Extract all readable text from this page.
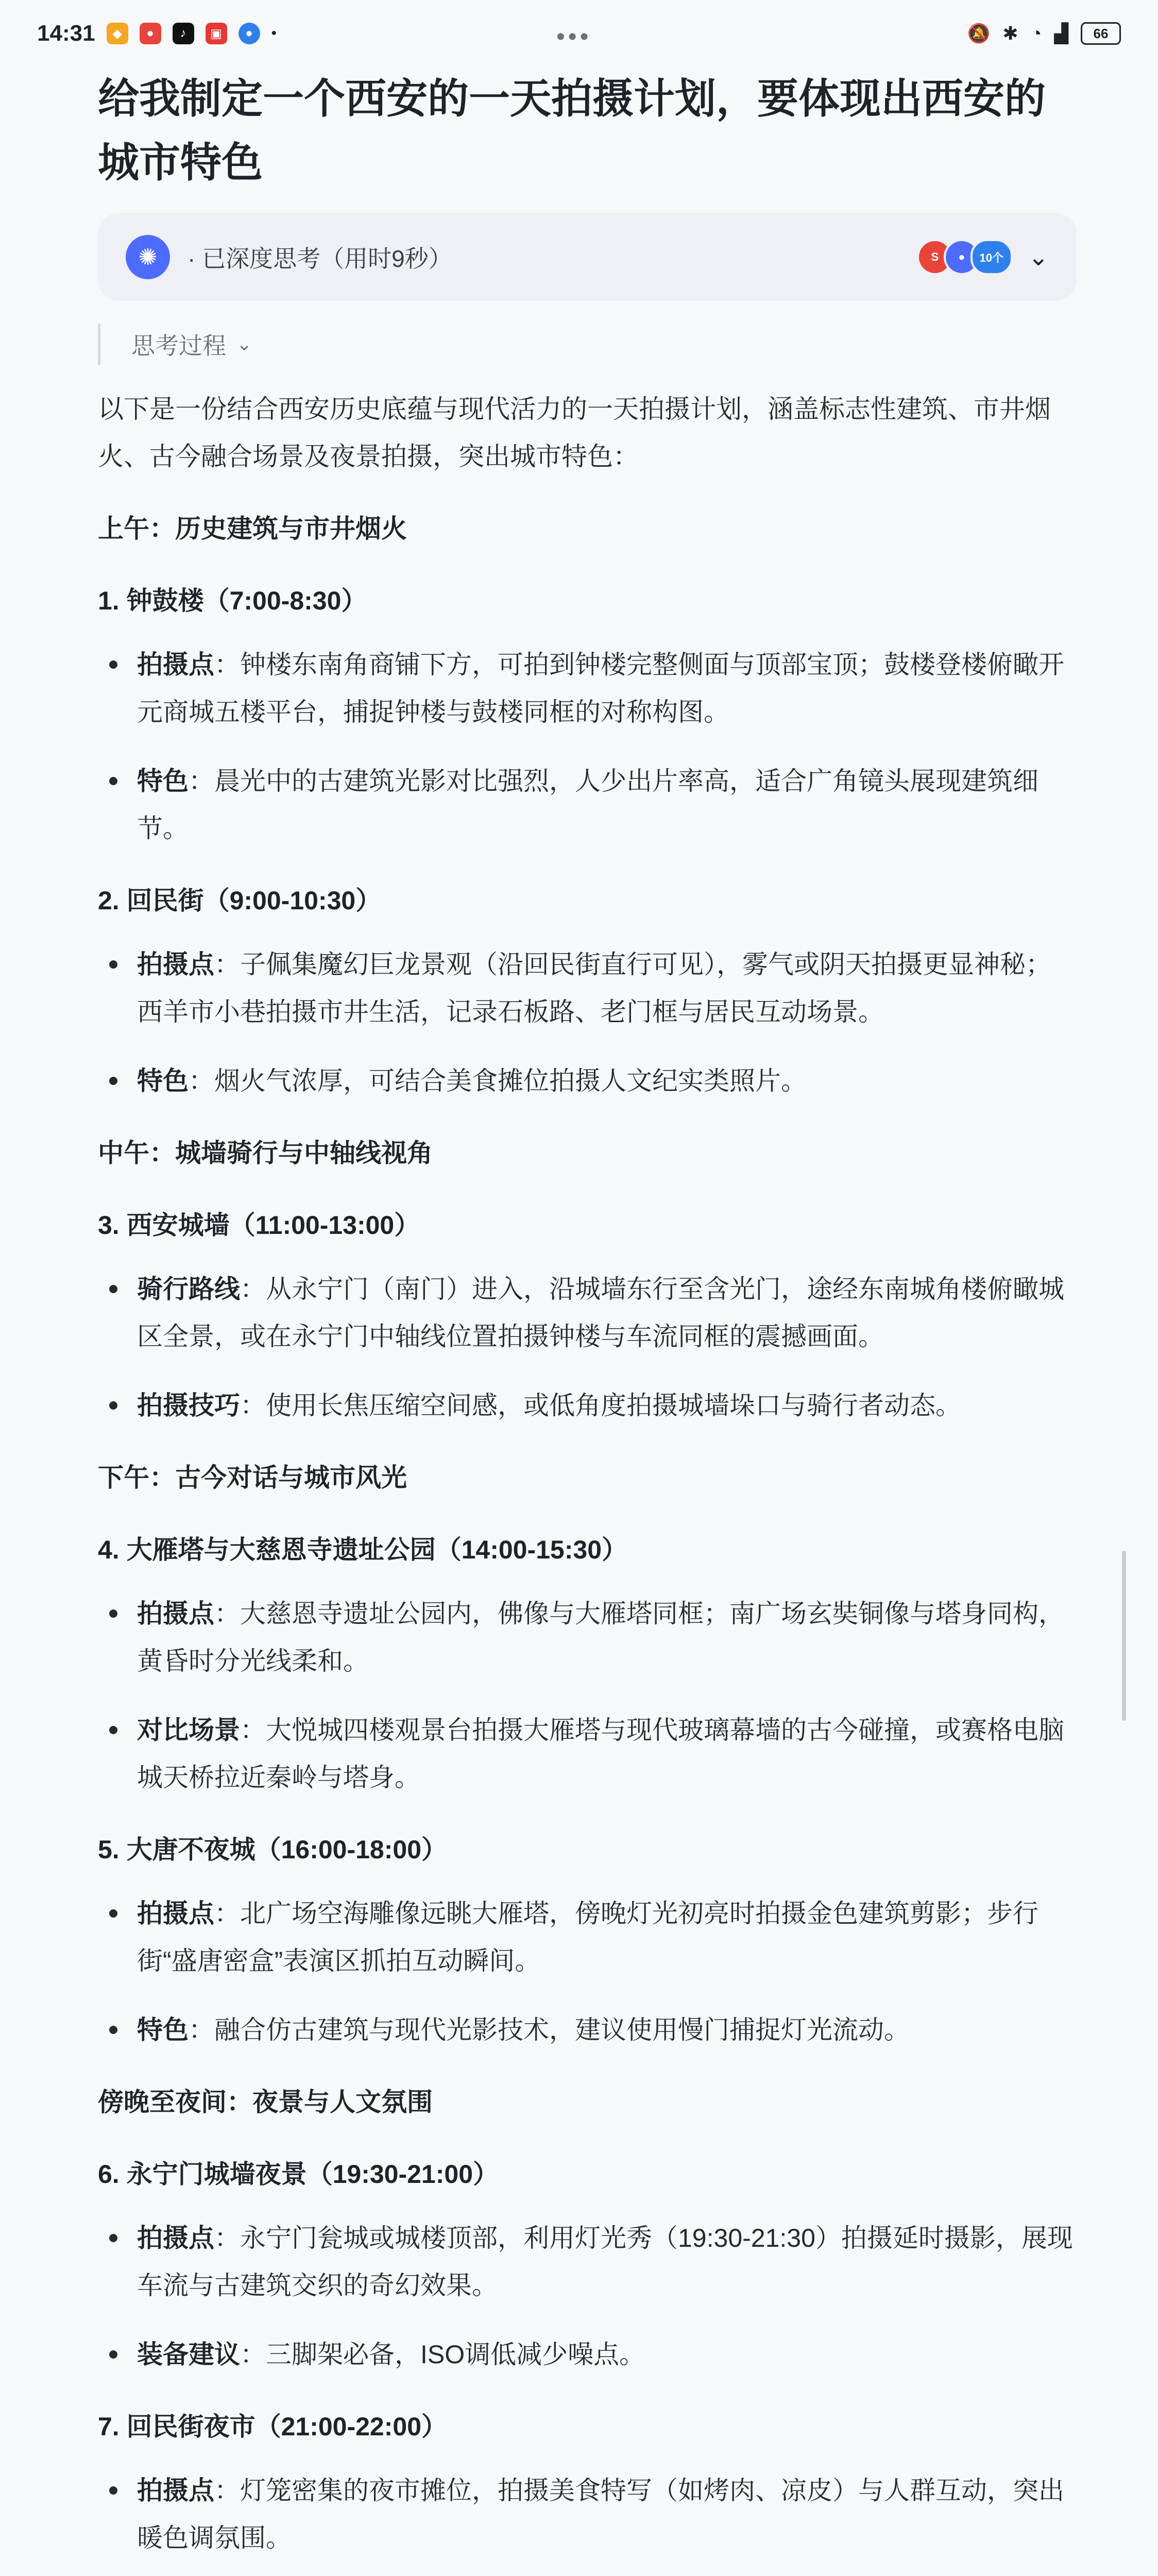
14:31	◆	●	♪	▣	●	•	🔕 ✱ ◔ ▟	66
•••
给我制定一个西安的一天拍摄计划，要体现出西安的城市特色
✺	· 已深度思考（用时9秒）	S	●	10个 ⌄
思考过程 ⌄

以下是一份结合西安历史底蕴与现代活力的一天拍摄计划，涵盖标志性建筑、市井烟火、古今融合场景及夜景拍摄，突出城市特色：

上午：历史建筑与市井烟火

1. 钟鼓楼（7:00-8:30）

拍摄点：钟楼东南角商铺下方，可拍到钟楼完整侧面与顶部宝顶；鼓楼登楼俯瞰开元商城五楼平台，捕捉钟楼与鼓楼同框的对称构图。
特色：晨光中的古建筑光影对比强烈，人少出片率高，适合广角镜头展现建筑细节。

2. 回民街（9:00-10:30）

拍摄点：子佩集魔幻巨龙景观（沿回民街直行可见），雾气或阴天拍摄更显神秘；西羊市小巷拍摄市井生活，记录石板路、老门框与居民互动场景。
特色：烟火气浓厚，可结合美食摊位拍摄人文纪实类照片。

中午：城墙骑行与中轴线视角

3. 西安城墙（11:00-13:00）

骑行路线：从永宁门（南门）进入，沿城墙东行至含光门，途经东南城角楼俯瞰城区全景，或在永宁门中轴线位置拍摄钟楼与车流同框的震撼画面。
拍摄技巧：使用长焦压缩空间感，或低角度拍摄城墙垛口与骑行者动态。

下午：古今对话与城市风光

4. 大雁塔与大慈恩寺遗址公园（14:00-15:30）

拍摄点：大慈恩寺遗址公园内，佛像与大雁塔同框；南广场玄奘铜像与塔身同构，黄昏时分光线柔和。
对比场景：大悦城四楼观景台拍摄大雁塔与现代玻璃幕墙的古今碰撞，或赛格电脑城天桥拉近秦岭与塔身。

5. 大唐不夜城（16:00-18:00）

拍摄点：北广场空海雕像远眺大雁塔，傍晚灯光初亮时拍摄金色建筑剪影；步行街“盛唐密盒”表演区抓拍互动瞬间。
特色：融合仿古建筑与现代光影技术，建议使用慢门捕捉灯光流动。

傍晚至夜间：夜景与人文氛围

6. 永宁门城墙夜景（19:30-21:00）

拍摄点：永宁门瓮城或城楼顶部，利用灯光秀（19:30-21:30）拍摄延时摄影，展现车流与古建筑交织的奇幻效果。
装备建议：三脚架必备，ISO调低减少噪点。

7. 回民街夜市（21:00-22:00）

拍摄点：灯笼密集的夜市摊位，拍摄美食特写（如烤肉、凉皮）与人群互动，突出暖色调氛围。
